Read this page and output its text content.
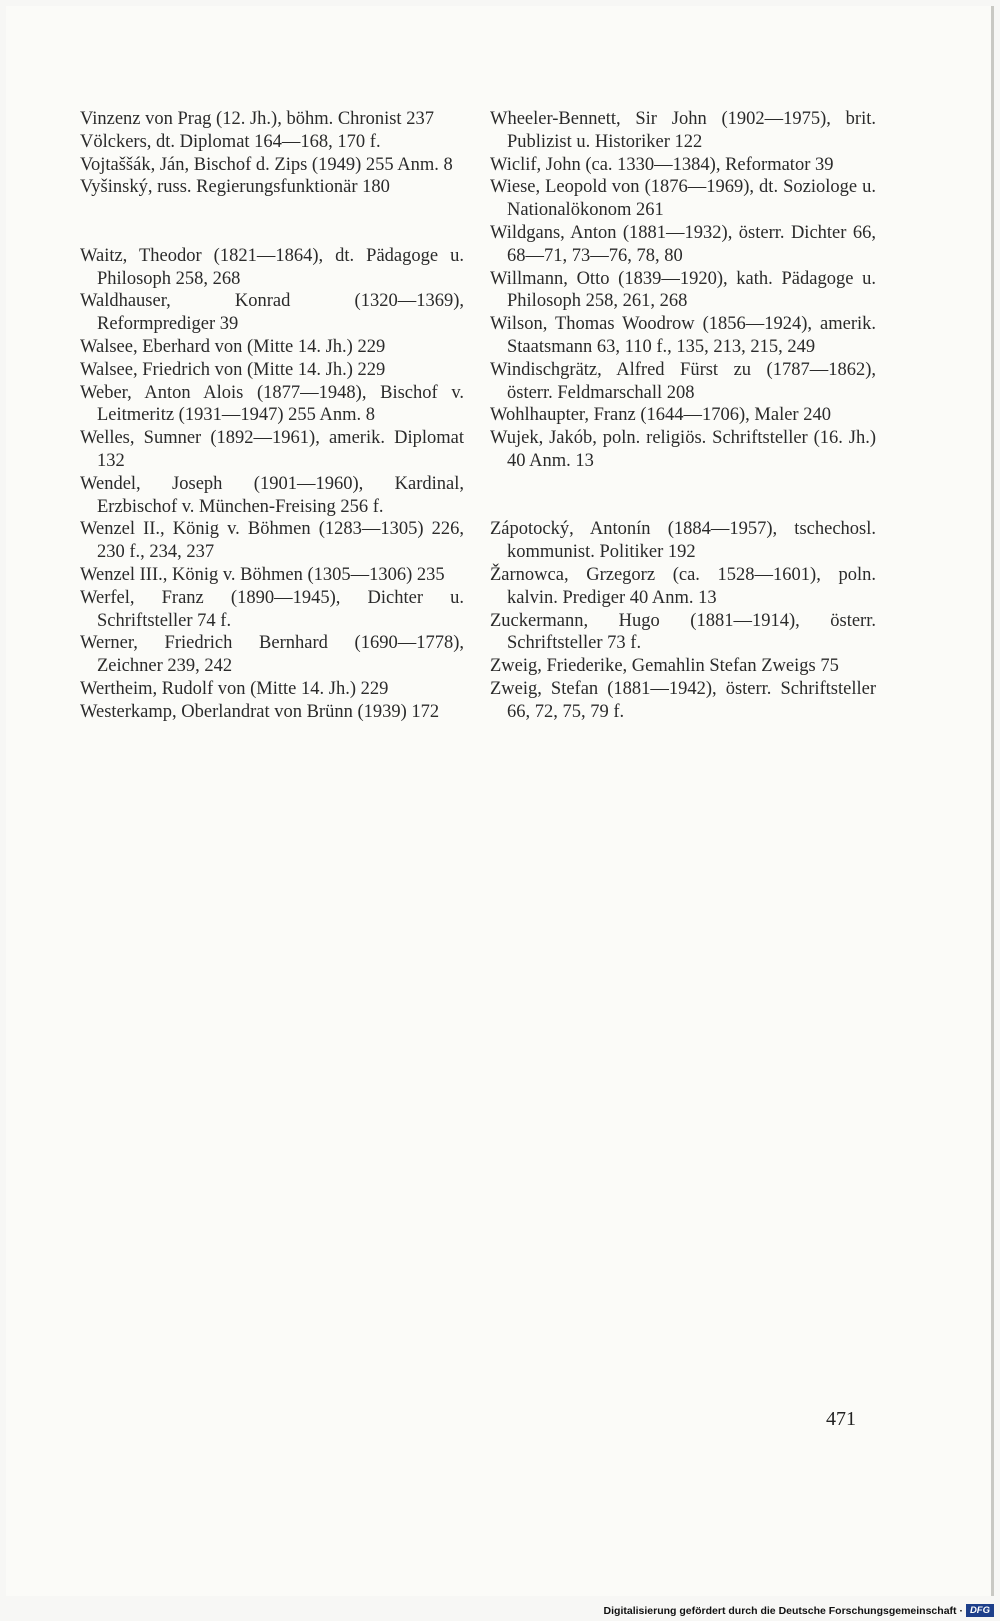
Vinzenz von Prag (12. Jh.), böhm. Chronist 237
Völckers, dt. Diplomat 164—168, 170 f.
Vojtaššák, Ján, Bischof d. Zips (1949) 255 Anm. 8
Vyšinský, russ. Regierungsfunktionär 180
Waitz, Theodor (1821—1864), dt. Pädagoge u. Philosoph 258, 268
Waldhauser, Konrad (1320—1369), Reformprediger 39
Walsee, Eberhard von (Mitte 14. Jh.) 229
Walsee, Friedrich von (Mitte 14. Jh.) 229
Weber, Anton Alois (1877—1948), Bischof v. Leitmeritz (1931—1947) 255 Anm. 8
Welles, Sumner (1892—1961), amerik. Diplomat 132
Wendel, Joseph (1901—1960), Kardinal, Erzbischof v. München-Freising 256 f.
Wenzel II., König v. Böhmen (1283—1305) 226, 230 f., 234, 237
Wenzel III., König v. Böhmen (1305—1306) 235
Werfel, Franz (1890—1945), Dichter u. Schriftsteller 74 f.
Werner, Friedrich Bernhard (1690—1778), Zeichner 239, 242
Wertheim, Rudolf von (Mitte 14. Jh.) 229
Westerkamp, Oberlandrat von Brünn (1939) 172
Wheeler-Bennett, Sir John (1902—1975), brit. Publizist u. Historiker 122
Wiclif, John (ca. 1330—1384), Reformator 39
Wiese, Leopold von (1876—1969), dt. Soziologe u. Nationalökonom 261
Wildgans, Anton (1881—1932), österr. Dichter 66, 68—71, 73—76, 78, 80
Willmann, Otto (1839—1920), kath. Pädagoge u. Philosoph 258, 261, 268
Wilson, Thomas Woodrow (1856—1924), amerik. Staatsmann 63, 110 f., 135, 213, 215, 249
Windischgrätz, Alfred Fürst zu (1787—1862), österr. Feldmarschall 208
Wohlhaupter, Franz (1644—1706), Maler 240
Wujek, Jakób, poln. religiös. Schriftsteller (16. Jh.) 40 Anm. 13
Zápotocký, Antonín (1884—1957), tschechosl. kommunist. Politiker 192
Žarnowca, Grzegorz (ca. 1528—1601), poln. kalvin. Prediger 40 Anm. 13
Zuckermann, Hugo (1881—1914), österr. Schriftsteller 73 f.
Zweig, Friederike, Gemahlin Stefan Zweigs 75
Zweig, Stefan (1881—1942), österr. Schriftsteller 66, 72, 75, 79 f.
471
Digitalisierung gefördert durch die Deutsche Forschungsgemeinschaft · DFG
